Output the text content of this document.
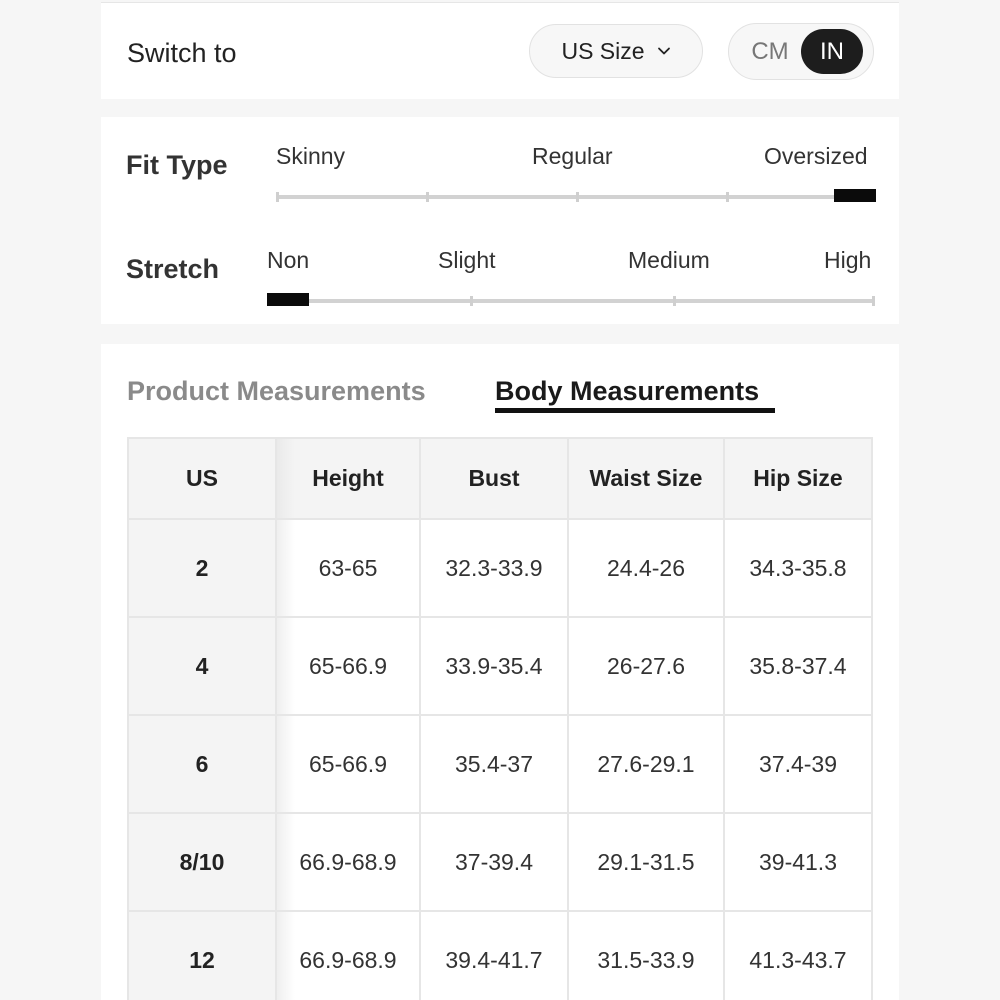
Switch to	US Size	CM	IN
Fit Type Skinny	Regular	Oversized
Stretch Non	Slight	Medium	High
Product Measurements	Body Measurements
US	Height	Bust	Waist Size	Hip Size
2	63-65	32.3-33.9	24.4-26	34.3-35.8
4	65-66.9	33.9-35.4	26-27.6	35.8-37.4
6	65-66.9	35.4-37	27.6-29.1	37.4-39
8/10	66.9-68.9	37-39.4	29.1-31.5	39-41.3
12	66.9-68.9	39.4-41.7	31.5-33.9	41.3-43.7
